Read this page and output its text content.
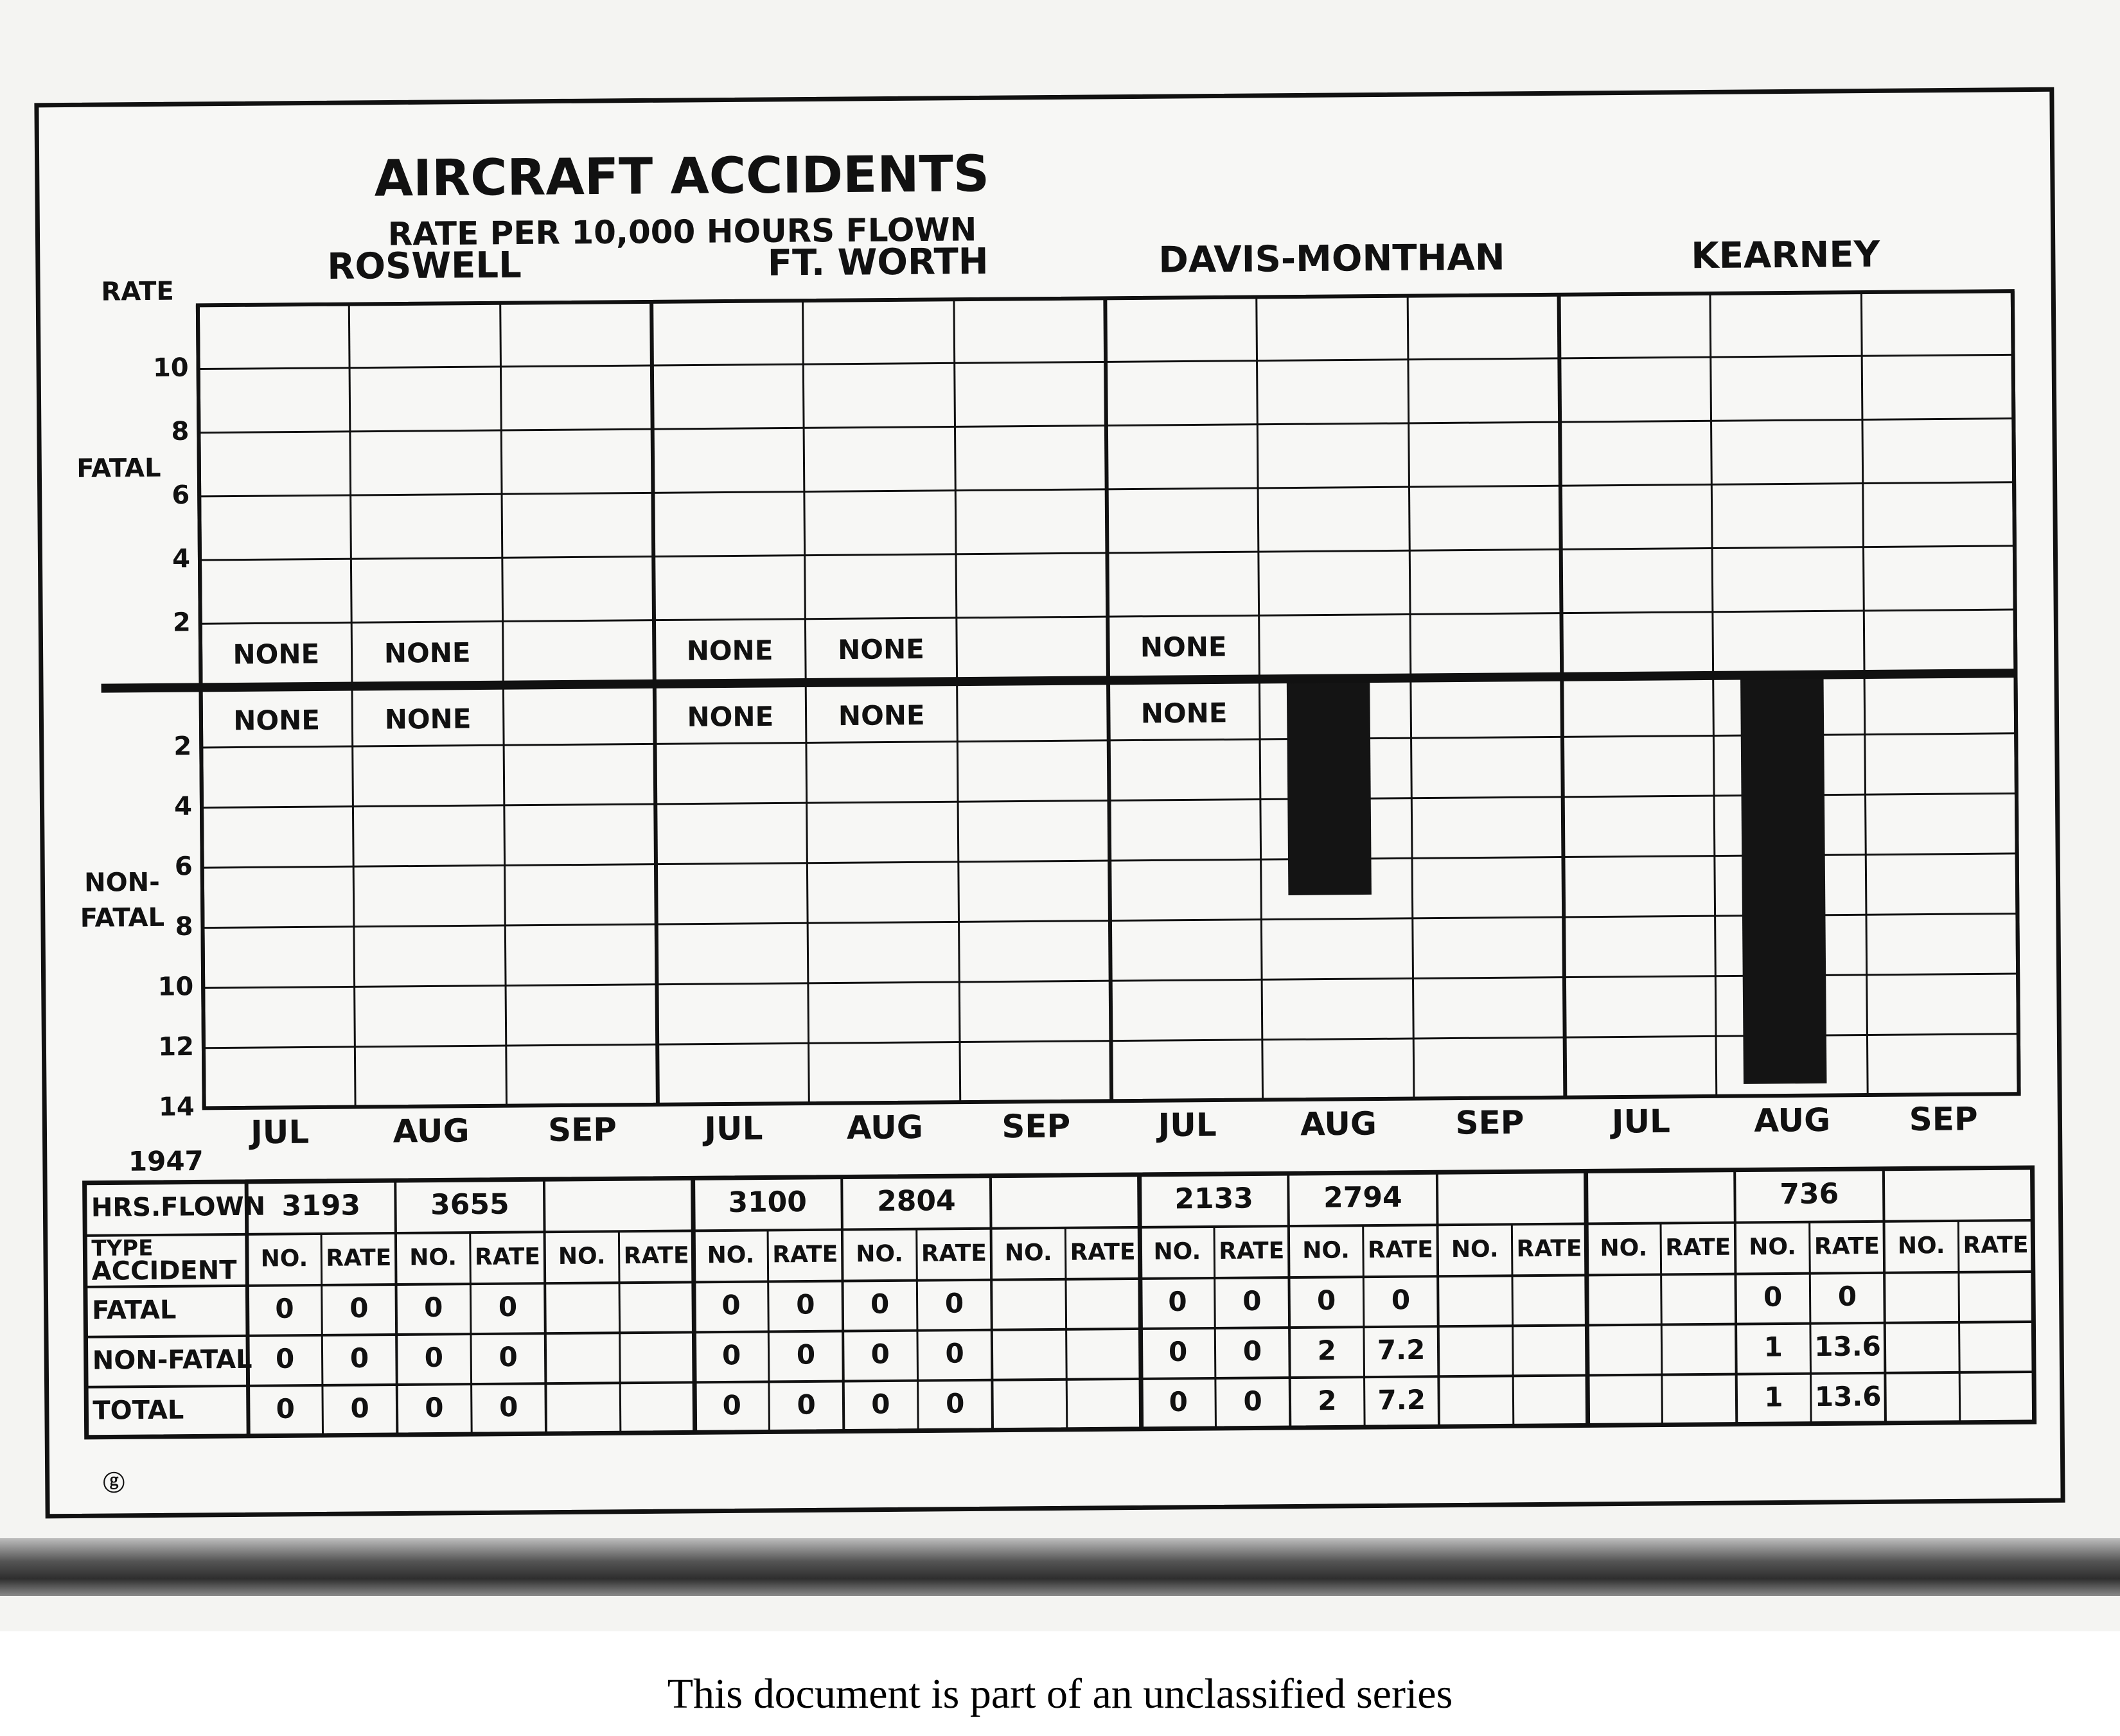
AIRCRAFT ACCIDENTS
RATE PER 10,000 HOURS FLOWN
RATE
FATAL
NON-
FATAL
2
4
6
8
10
2
4
6
8
10
12
14
ROSWELL
NONE
NONE
JUL
NONE
NONE
AUG SEP
FT. WORTH
NONE
NONE
JUL
NONE
NONE
AUG SEP
DAVIS-MONTHAN
NONE
NONE
JUL	AUG SEP
KEARNEY
JUL	AUG SEP
1947
HRS.FLOWN
TYPE
ACCIDENT
FATAL
NON-FATAL
TOTAL
3193
NO. RATE
0 0
0 0
0 0
3655
NO. RATE
0 0
0 0
0 0
NO. RATE
3100
NO. RATE
0 0
0 0
0 0
2804
NO. RATE
0 0
0 0
0 0
NO. RATE
2133
NO. RATE
0 0
0 0
0 0
2794
NO. RATE
0 0
2 7.2
2 7.2
NO. RATE NO. RATE
736
NO. RATE
0 0
1 13.6
1 13.6
NO. RATE
ⓖ
This document is part of an unclassified series
